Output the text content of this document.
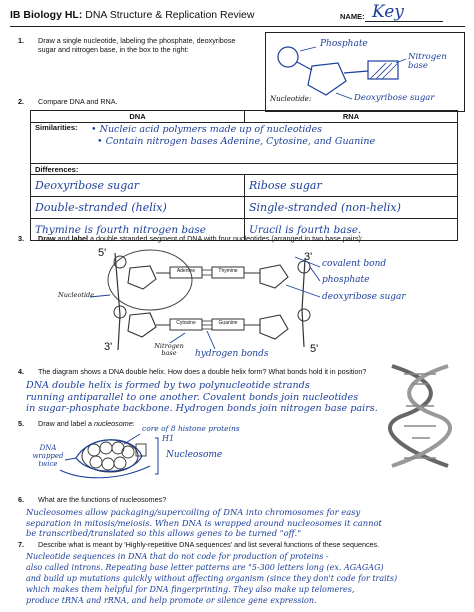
IB Biology HL: DNA Structure & Replication Review	NAME: Key
1. Draw a single nucleotide, labeling the phosphate, deoxyribose
sugar and nitrogen base, in the box to the right:
Phosphate
Nitrogen base
Nucleotide:	Deoxyribose sugar
2. Compare DNA and RNA.
DNA	RNA
Similarities: • Nucleic acid polymers made up of nucleotides
• Contain nitrogen bases Adenine, Cytosine, and Guanine	

Differences:	
Deoxyribose sugar	Ribose sugar
Double-stranded (helix)	Single-stranded (non-helix)
Thymine is fourth nitrogen base	Uracil is fourth base.
3. Draw and label a double stranded segment of DNA with four nucleotides (arranged in two base pairs):
5'	3'
3'	5'
Nucleotide
Adenine	Thymine
Cytosine	Guanine
covalent bond
phosphate
deoxyribose sugar
Nitrogen base	hydrogen bonds
4. The diagram shows a DNA double helix. How does a double helix form? What bonds hold it in position?
DNA double helix is formed by two polynucleotide strands
running antiparallel to one another. Covalent bonds join nucleotides
in sugar-phosphate backbone. Hydrogen bonds join nitrogen base pairs.
5. Draw and label a nucleosome:
core of 8 histone proteins
H1
Nucleosome
DNA wrapped twice
6. What are the functions of nucleosomes?
Nucleosomes allow packaging/supercoiling of DNA into chromosomes for easy
separation in mitosis/meiosis. When DNA is wrapped around nucleosomes it cannot
be transcribed/translated so this allows genes to be turned "off."
7. Describe what is meant by 'Highly-repetitive DNA sequences' and list several functions of these sequences.
Nucleotide sequences in DNA that do not code for production of proteins -
also called introns. Repeating base letter patterns are "5-300 letters long (ex. AGAGAG)
and build up mutations quickly without affecting organism (since they don't code for traits)
which makes them helpful for DNA fingerprinting. They also make up telomeres,
produce tRNA and rRNA, and help promote or silence gene expression.
